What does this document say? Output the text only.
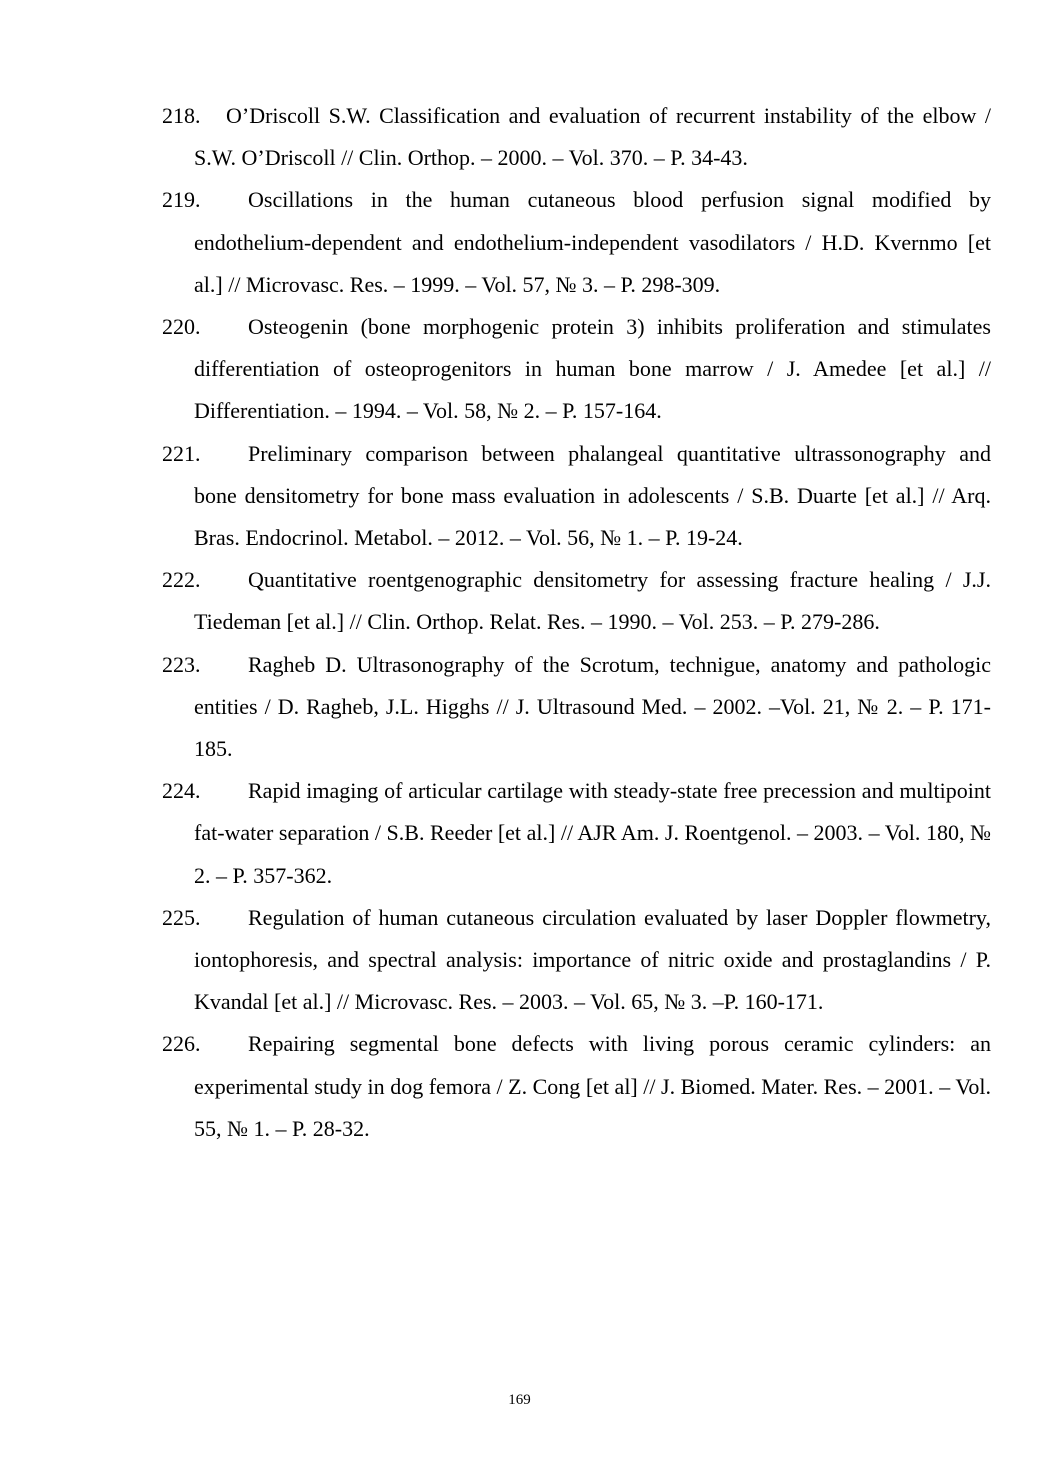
218. O’Driscoll S.W. Classification and evaluation of recurrent instability of the elbow / S.W. O’Driscoll // Clin. Orthop. – 2000. – Vol. 370. – P. 34-43.
219. Oscillations in the human cutaneous blood perfusion signal modified by endothelium-dependent and endothelium-independent vasodilators / H.D. Kvernmo [et al.] // Microvasc. Res. – 1999. – Vol. 57, № 3. – P. 298-309.
220. Osteogenin (bone morphogenic protein 3) inhibits proliferation and stimulates differentiation of osteoprogenitors in human bone marrow / J. Amedee [et al.] // Differentiation. – 1994. – Vol. 58, № 2. – P. 157-164.
221. Preliminary comparison between phalangeal quantitative ultrassonography and bone densitometry for bone mass evaluation in adolescents / S.B. Duarte [et al.] // Arq. Bras. Endocrinol. Metabol. – 2012. – Vol. 56, № 1. – P. 19-24.
222. Quantitative roentgenographic densitometry for assessing fracture healing / J.J. Tiedeman [et al.] // Clin. Orthop. Relat. Res. – 1990. – Vol. 253. – P. 279-286.
223. Ragheb D. Ultrasonography of the Scrotum, technigue, anatomy and pathologic entities / D. Ragheb, J.L. Higghs // J. Ultrasound Med. – 2002. –Vol. 21, № 2. – P. 171-185.
224. Rapid imaging of articular cartilage with steady-state free precession and multipoint fat-water separation / S.B. Reeder [et al.] // AJR Am. J. Roentgenol. – 2003. – Vol. 180, № 2. – P. 357-362.
225. Regulation of human cutaneous circulation evaluated by laser Doppler flowmetry, iontophoresis, and spectral analysis: importance of nitric oxide and prostaglandins / P. Kvandal [et al.] // Microvasc. Res. – 2003. – Vol. 65, № 3. –P. 160-171.
226. Repairing segmental bone defects with living porous ceramic cylinders: an experimental study in dog femora / Z. Cong [et al] // J. Biomed. Mater. Res. – 2001. – Vol. 55, № 1. – P. 28-32.
169
